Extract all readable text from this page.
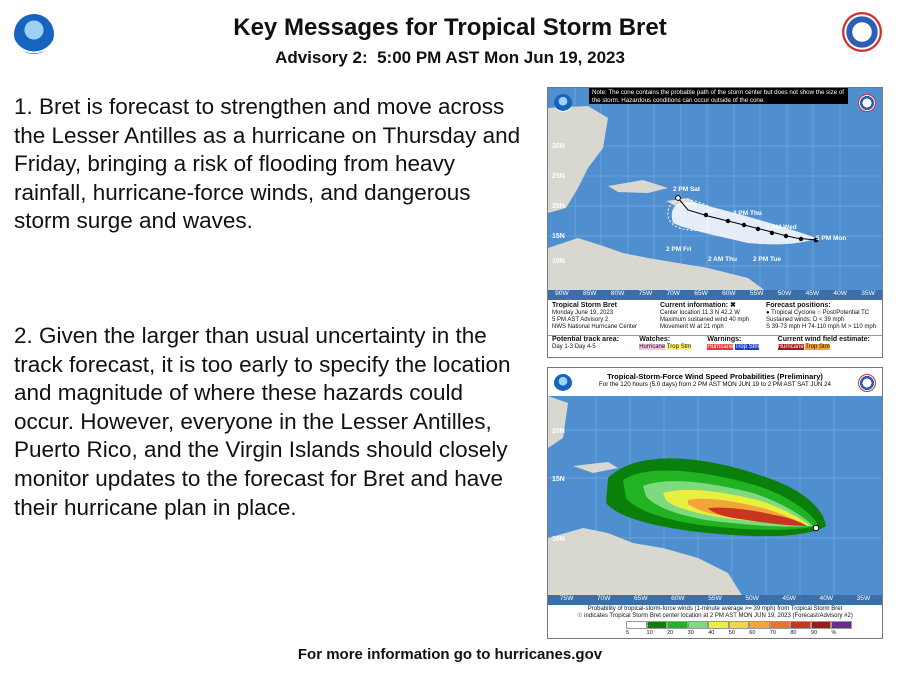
Key Messages for Tropical Storm Bret
Advisory 2:  5:00 PM AST Mon Jun 19, 2023

1. Bret is forecast to strengthen and move across the Lesser Antilles as a hurricane on Thursday and Friday, bringing a risk of flooding from heavy rainfall, hurricane-force winds, and dangerous storm surge and waves.

2. Given the larger than usual uncertainty in the track forecast, it is too early to specify the location and magnitude of where these hazards could occur. However, everyone in the Lesser Antilles, Puerto Rico, and the Virgin Islands should closely monitor updates to the forecast for Bret and have their hurricane plan in place.

Note: The cone contains the probable path of the storm center but does not show the size of the storm. Hazardous conditions can occur outside of the cone.
30N
25N
20N
15N
10N
2 PM Sat
2 PM Fri
2 AM Thu
2 PM Thu
2 AM Wed
2 PM Tue
5 PM Mon
90W 85W 80W 75W 70W 65W 60W 55W 50W 45W 40W 35W
Tropical Storm Bret
Monday June 19, 2023
5 PM AST Advisory 2
NWS National Hurricane Center
Current information: ✖
Center location 11.3 N 42.2 W
Maximum sustained wind 40 mph
Movement W at 21 mph
Forecast positions:
● Tropical Cyclone ○ Post/Potential TC
Sustained winds: D < 39 mph
S 39-73 mph H 74-110 mph M > 110 mph
Potential track area: Day 1-3 Day 4-5
Watches: Hurricane Trop Stm
Warnings: Hurricane Trop Stm
Current wind field estimate: Hurricane Trop Stm
Tropical-Storm-Force Wind Speed Probabilities (Preliminary)
For the 120 hours (5.0 days) from 2 PM AST MON JUN 19 to 2 PM AST SAT JUN 24
20N
15N
10N
75W	70W	65W	60W	55W	50W	45W	40W	35W
Probability of tropical-storm-force winds (1-minute average >= 39 mph) from Tropical Storm Bret
☉ indicates Tropical Storm Bret center location at 2 PM AST MON JUN 19, 2023 (Forecast/Advisory #2)
5	10	20	30	40	50	60	70	80	90	%
For more information go to hurricanes.gov
